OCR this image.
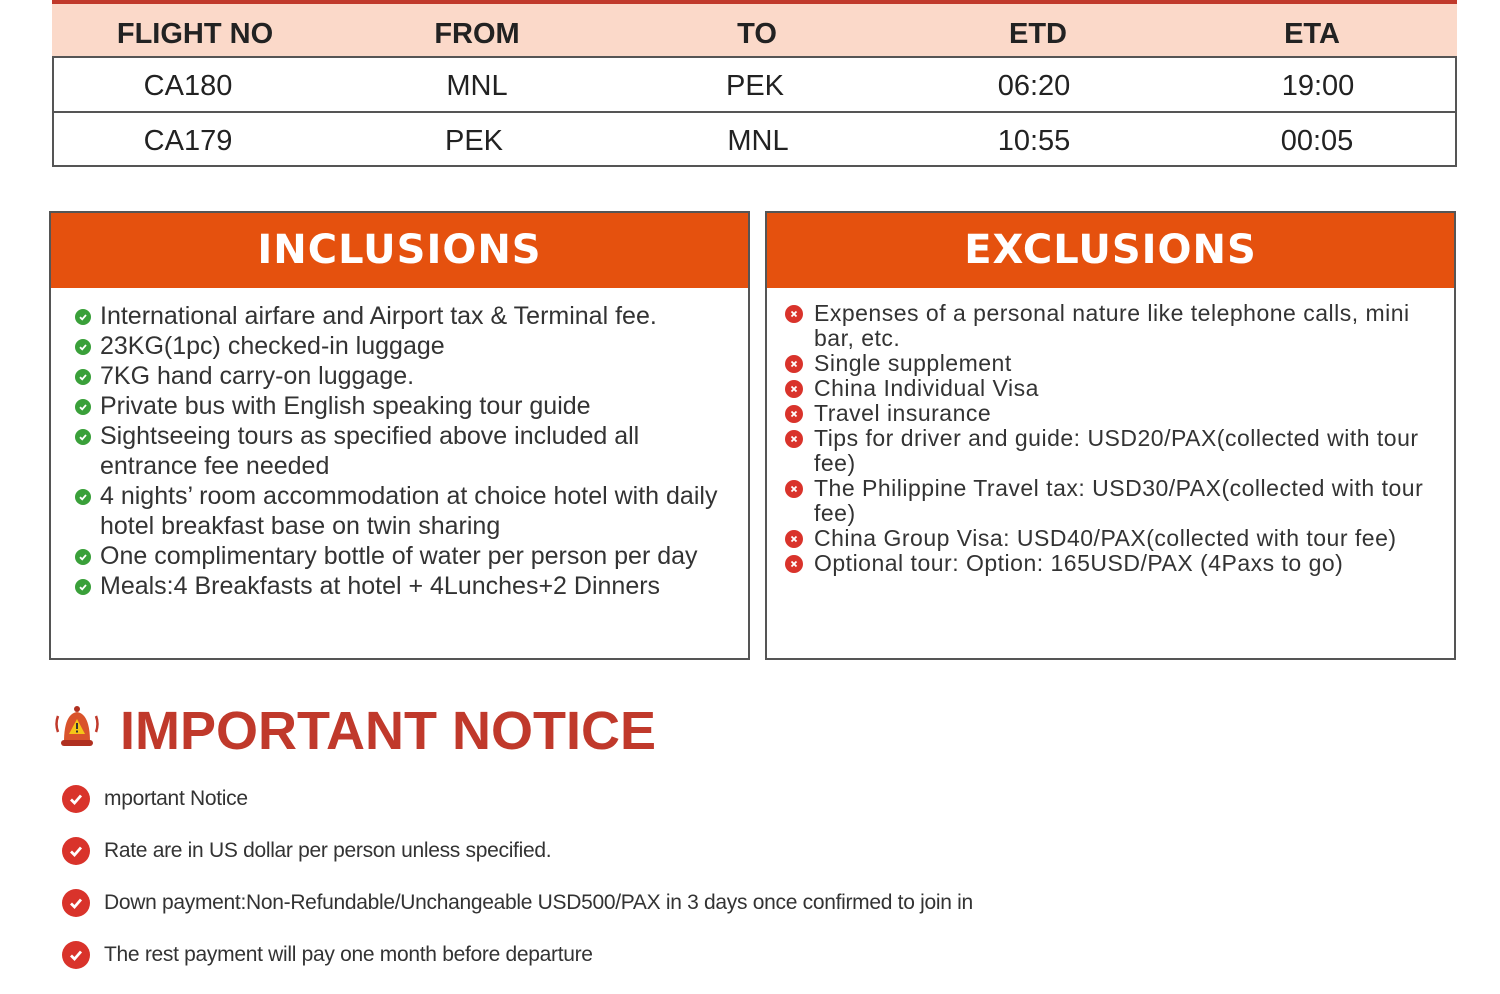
FLIGHT NO	FROM	TO	ETD	ETA
CA180	MNL	PEK	06:20	19:00
CA179	PEK	MNL	10:55	00:05
INCLUSIONS
International airfare and Airport tax & Terminal fee.
23KG(1pc) checked-in luggage
7KG hand carry-on luggage.
Private bus with English speaking tour guide
Sightseeing tours as specified above included all entrance fee needed
4 nights’ room accommodation at choice hotel with daily hotel breakfast base on twin sharing
One complimentary bottle of water per person per day
Meals:4 Breakfasts at hotel + 4Lunches+2 Dinners
EXCLUSIONS
Expenses of a personal nature like telephone calls, mini bar, etc.
Single supplement
China Individual Visa
Travel insurance
Tips for driver and guide: USD20/PAX(collected with tour fee)
The Philippine Travel tax: USD30/PAX(collected with tour fee)
China Group Visa: USD40/PAX(collected with tour fee)
Optional tour: Option: 165USD/PAX (4Paxs to go)
IMPORTANT NOTICE
mportant Notice
Rate are in US dollar per person unless specified.
Down payment:Non-Refundable/Unchangeable USD500/PAX in 3 days once confirmed to join in
The rest payment will pay one month before departure
